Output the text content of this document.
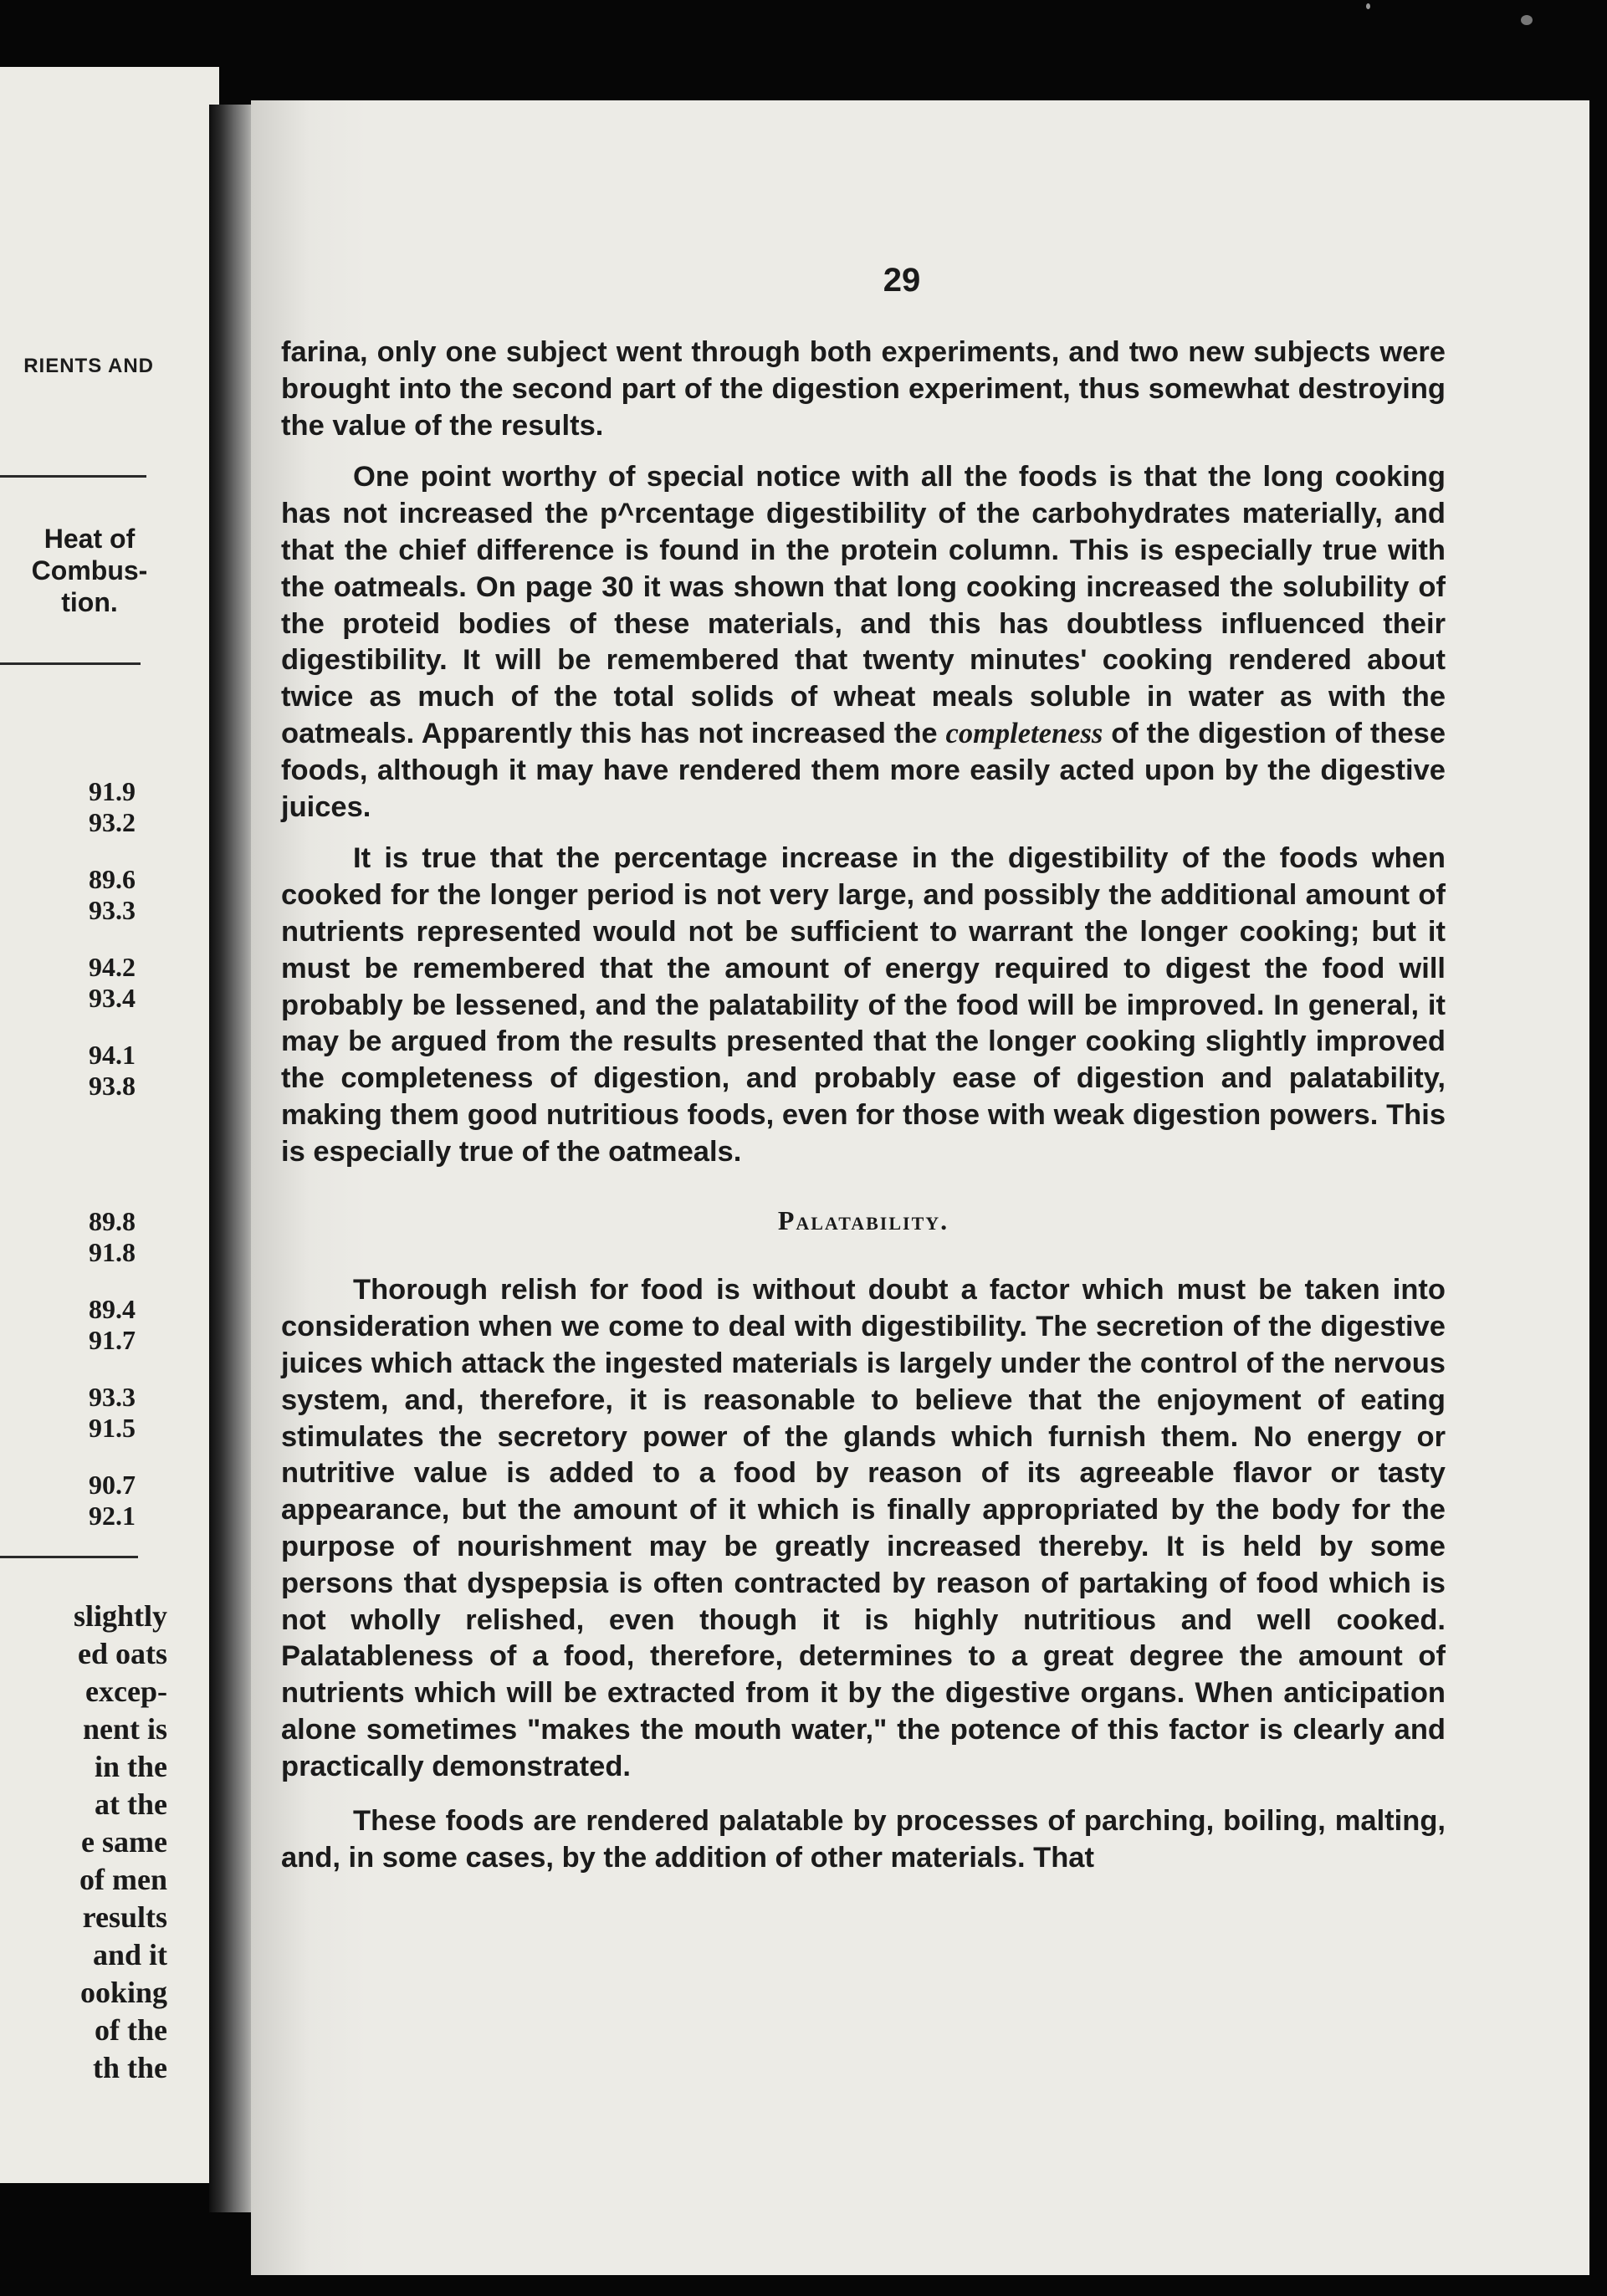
RIENTS AND
Heat of
Combus-
tion.
91.9
93.2
89.6
93.3
94.2
93.4
94.1
93.8
89.8
91.8
89.4
91.7
93.3
91.5
90.7
92.1
slightly
ed oats
excep-
nent is
in the
at the
e same
of men
results
and it
ooking
of the
th the
29

farina, only one subject went through both experiments, and two new subjects were brought into the second part of the digestion experiment, thus somewhat destroying the value of the results.

One point worthy of special notice with all the foods is that the long cooking has not increased the p^rcentage digestibility of the carbohydrates materially, and that the chief difference is found in the protein column. This is especially true with the oatmeals. On page 30 it was shown that long cooking increased the solubility of the proteid bodies of these materials, and this has doubtless influenced their digestibility. It will be remembered that twenty minutes' cooking rendered about twice as much of the total solids of wheat meals soluble in water as with the oatmeals. Apparently this has not increased the completeness of the digestion of these foods, although it may have rendered them more easily acted upon by the digestive juices.

It is true that the percentage increase in the digestibility of the foods when cooked for the longer period is not very large, and possibly the additional amount of nutrients represented would not be sufficient to warrant the longer cooking; but it must be remembered that the amount of energy required to digest the food will probably be lessened, and the palatability of the food will be improved. In general, it may be argued from the results presented that the longer cooking slightly improved the completeness of digestion, and probably ease of digestion and palatability, making them good nutritious foods, even for those with weak digestion powers. This is especially true of the oatmeals.

Palatability.

Thorough relish for food is without doubt a factor which must be taken into consideration when we come to deal with digestibility. The secretion of the digestive juices which attack the ingested materials is largely under the control of the nervous system, and, therefore, it is reasonable to believe that the enjoyment of eating stimulates the secretory power of the glands which furnish them. No energy or nutritive value is added to a food by reason of its agreeable flavor or tasty appearance, but the amount of it which is finally appropriated by the body for the purpose of nourishment may be greatly increased thereby. It is held by some persons that dyspepsia is often contracted by reason of partaking of food which is not wholly relished, even though it is highly nutritious and well cooked. Palatableness of a food, therefore, determines to a great degree the amount of nutrients which will be extracted from it by the digestive organs. When anticipation alone sometimes "makes the mouth water," the potence of this factor is clearly and practically demonstrated.

These foods are rendered palatable by processes of parching, boiling, malting, and, in some cases, by the addition of other materials. That
